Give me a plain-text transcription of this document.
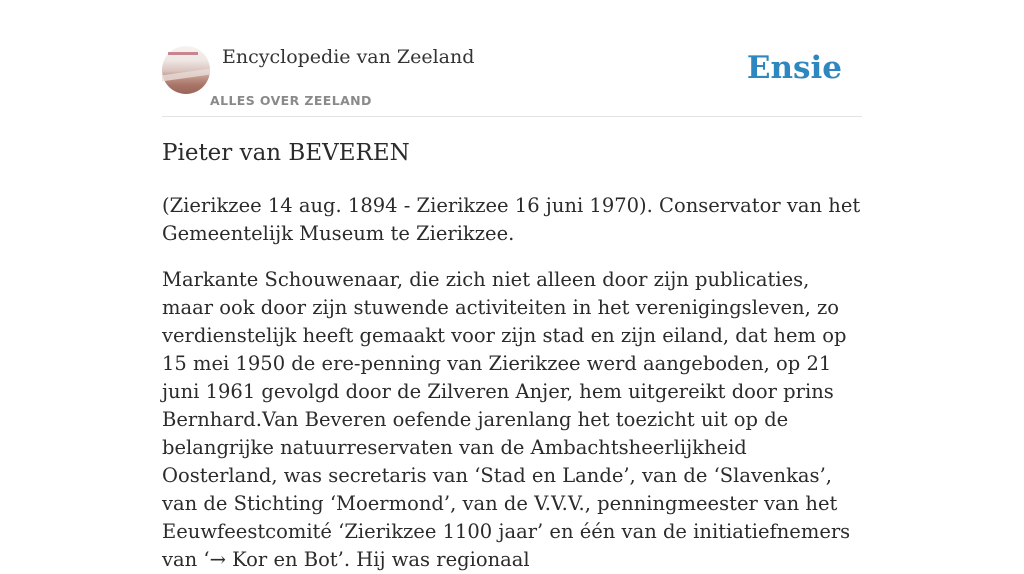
Encyclopedie van Zeeland
ALLES OVER ZEELAND
Ensie
Pieter van BEVEREN

(Zierikzee 14 aug. 1894 - Zierikzee 16 juni 1970). Conservator van het Gemeentelijk Museum te Zierikzee.

Markante Schouwenaar, die zich niet alleen door zijn publicaties, maar ook door zijn stuwende activiteiten in het verenigingsleven, zo verdienstelijk heeft gemaakt voor zijn stad en zijn eiland, dat hem op 15 mei 1950 de ere-penning van Zierikzee werd aangeboden, op 21 juni 1961 gevolgd door de Zilveren Anjer, hem uitgereikt door prins Bernhard.Van Beveren oefende jarenlang het toezicht uit op de belangrijke natuurreservaten van de Ambachtsheerlijkheid Oosterland, was secretaris van ‘Stad en Lande’, van de ‘Slavenkas’, van de Stichting ‘Moermond’, van de V.V.V., penningmeester van het Eeuwfeestcomité ‘Zierikzee 1100 jaar’ en één van de initiatiefnemers van ‘→ Kor en Bot’. Hij was regionaal
